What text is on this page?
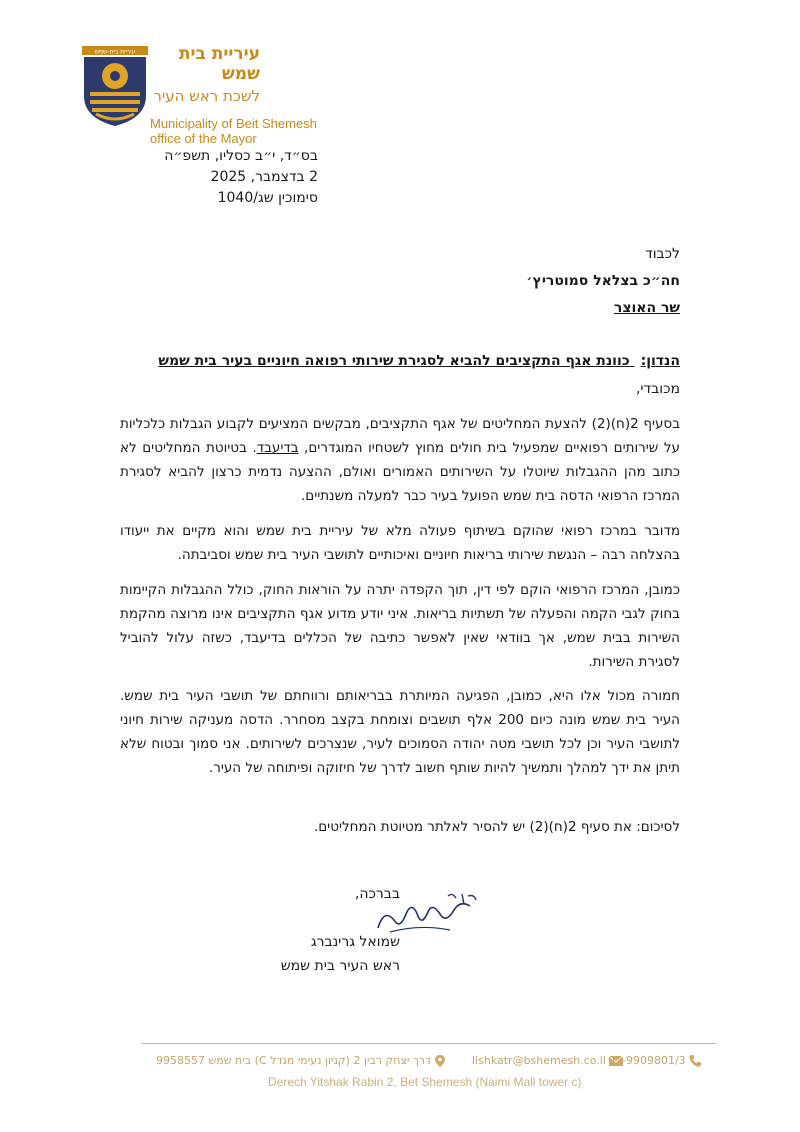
עיריית בית-שמש	עיריית בית שמש
לשכת ראש העיר
Municipality of Beit Shemesh
office of the Mayor
בס״ד, י״ב כסליו, תשפ״ה
2 בדצמבר, 2025
סימוכין שג/1040
לכבוד
חה״כ בצלאל סמוטריץ׳
שר האוצר
הנדון: כוונת אגף התקציבים להביא לסגירת שירותי רפואה חיוניים בעיר בית שמש
מכובדי,
בסעיף 2(ח)(2) להצעת המחליטים של אגף התקציבים, מבקשים המציעים לקבוע הגבלות כלכליות על שירותים רפואיים שמפעיל בית חולים מחוץ לשטחיו המוגדרים, בדיעבד. בטיוטת המחליטים לא כתוב מהן ההגבלות שיוטלו על השירותים האמורים ואולם, ההצעה נדמית כרצון להביא לסגירת המרכז הרפואי הדסה בית שמש הפועל בעיר כבר למעלה משנתיים.
מדובר במרכז רפואי שהוקם בשיתוף פעולה מלא של עיריית בית שמש והוא מקיים את ייעודו בהצלחה רבה – הנגשת שירותי בריאות חיוניים ואיכותיים לתושבי העיר בית שמש וסביבתה.
כמובן, המרכז הרפואי הוקם לפי דין, תוך הקפדה יתרה על הוראות החוק, כולל ההגבלות הקיימות בחוק לגבי הקמה והפעלה של תשתיות בריאות. איני יודע מדוע אגף התקציבים אינו מרוצה מהקמת השירות בבית שמש, אך בוודאי שאין לאפשר כתיבה של הכללים בדיעבד, כשזה עלול להוביל לסגירת השירות.
חמורה מכול אלו היא, כמובן, הפגיעה המיותרת בבריאותם ורווחתם של תושבי העיר בית שמש. העיר בית שמש מונה כיום 200 אלף תושבים וצומחת בקצב מסחרר. הדסה מעניקה שירות חיוני לתושבי העיר וכן לכל תושבי מטה יהודה הסמוכים לעיר, שנצרכים לשירותים. אני סמוך ובטוח שלא תיתן את ידך למהלך ותמשיך להיות שותף חשוב לדרך של חיזוקה ופיתוחה של העיר.
לסיכום: את סעיף 2(ח)(2) יש להסיר לאלתר מטיוטת המחליטים.
בברכה,
שמואל גרינברג
ראש העיר בית שמש
דרך יצחק רבין 2 (קניון נעימי מגדל C) בית שמש 9958557	lishkatr@bshemesh.co.il 02-9909801/3
Derech Yitshak Rabin 2, Bet Shemesh (Naimi Mall tower c)
